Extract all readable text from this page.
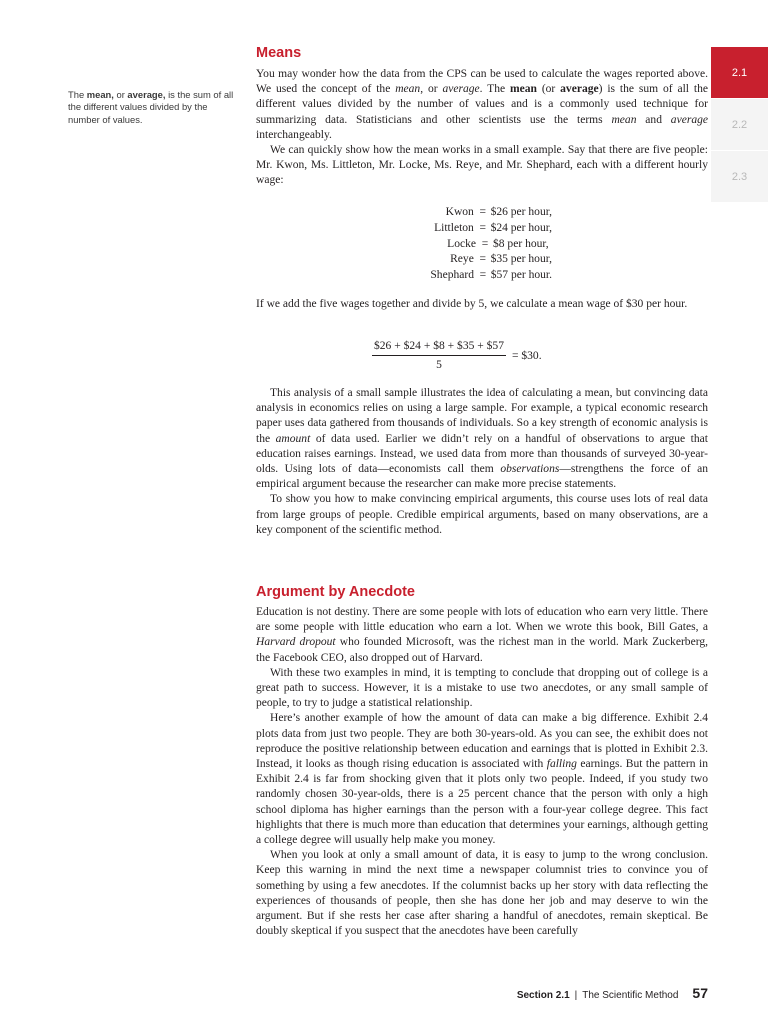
The mean, or average, is the sum of all the different values divided by the number of values.
Means

You may wonder how the data from the CPS can be used to calculate the wages reported above. We used the concept of the mean, or average. The mean (or average) is the sum of all the different values divided by the number of values and is a commonly used technique for summarizing data. Statisticians and other scientists use the terms mean and average interchangeably.

We can quickly show how the mean works in a small example. Say that there are five people: Mr. Kwon, Ms. Littleton, Mr. Locke, Ms. Reye, and Mr. Shephard, each with a different hourly wage:

Kwon = $26 per hour,
Littleton = $24 per hour,
Locke = $8 per hour,
Reye = $35 per hour,
Shephard = $57 per hour.

If we add the five wages together and divide by 5, we calculate a mean wage of $30 per hour.

$\frac{\$26 + \$24 + \$8 + \$35 + \$57}{5}$ = $30.

This analysis of a small sample illustrates the idea of calculating a mean, but convincing data analysis in economics relies on using a large sample. For example, a typical economic research paper uses data gathered from thousands of individuals. So a key strength of economic analysis is the amount of data used. Earlier we didn’t rely on a handful of observations to argue that education raises earnings. Instead, we used data from more than thousands of surveyed 30-year-olds. Using lots of data—economists call them observations—strengthens the force of an empirical argument because the researcher can make more precise statements.

To show you how to make convincing empirical arguments, this course uses lots of real data from large groups of people. Credible empirical arguments, based on many observations, are a key component of the scientific method.

Argument by Anecdote

Education is not destiny. There are some people with lots of education who earn very little. There are some people with little education who earn a lot. When we wrote this book, Bill Gates, a Harvard dropout who founded Microsoft, was the richest man in the world. Mark Zuckerberg, the Facebook CEO, also dropped out of Harvard.

With these two examples in mind, it is tempting to conclude that dropping out of college is a great path to success. However, it is a mistake to use two anecdotes, or any small sample of people, to try to judge a statistical relationship.

Here’s another example of how the amount of data can make a big difference. Exhibit 2.4 plots data from just two people. They are both 30-years-old. As you can see, the exhibit does not reproduce the positive relationship between education and earnings that is plotted in Exhibit 2.3. Instead, it looks as though rising education is associated with falling earnings. But the pattern in Exhibit 2.4 is far from shocking given that it plots only two people. Indeed, if you study two randomly chosen 30-year-olds, there is a 25 percent chance that the person with only a high school diploma has higher earnings than the person with a four-year college degree. This fact highlights that there is much more than education that determines your earnings, although getting a college degree will usually help make you money.

When you look at only a small amount of data, it is easy to jump to the wrong conclusion. Keep this warning in mind the next time a newspaper columnist tries to convince you of something by using a few anecdotes. If the columnist backs up her story with data reflecting the experiences of thousands of people, then she has done her job and may deserve to win the argument. But if she rests her case after sharing a handful of anecdotes, remain skeptical. Be doubly skeptical if you suspect that the anecdotes have been carefully

2.1
2.2
2.3
Section 2.1 | The Scientific Method 57
